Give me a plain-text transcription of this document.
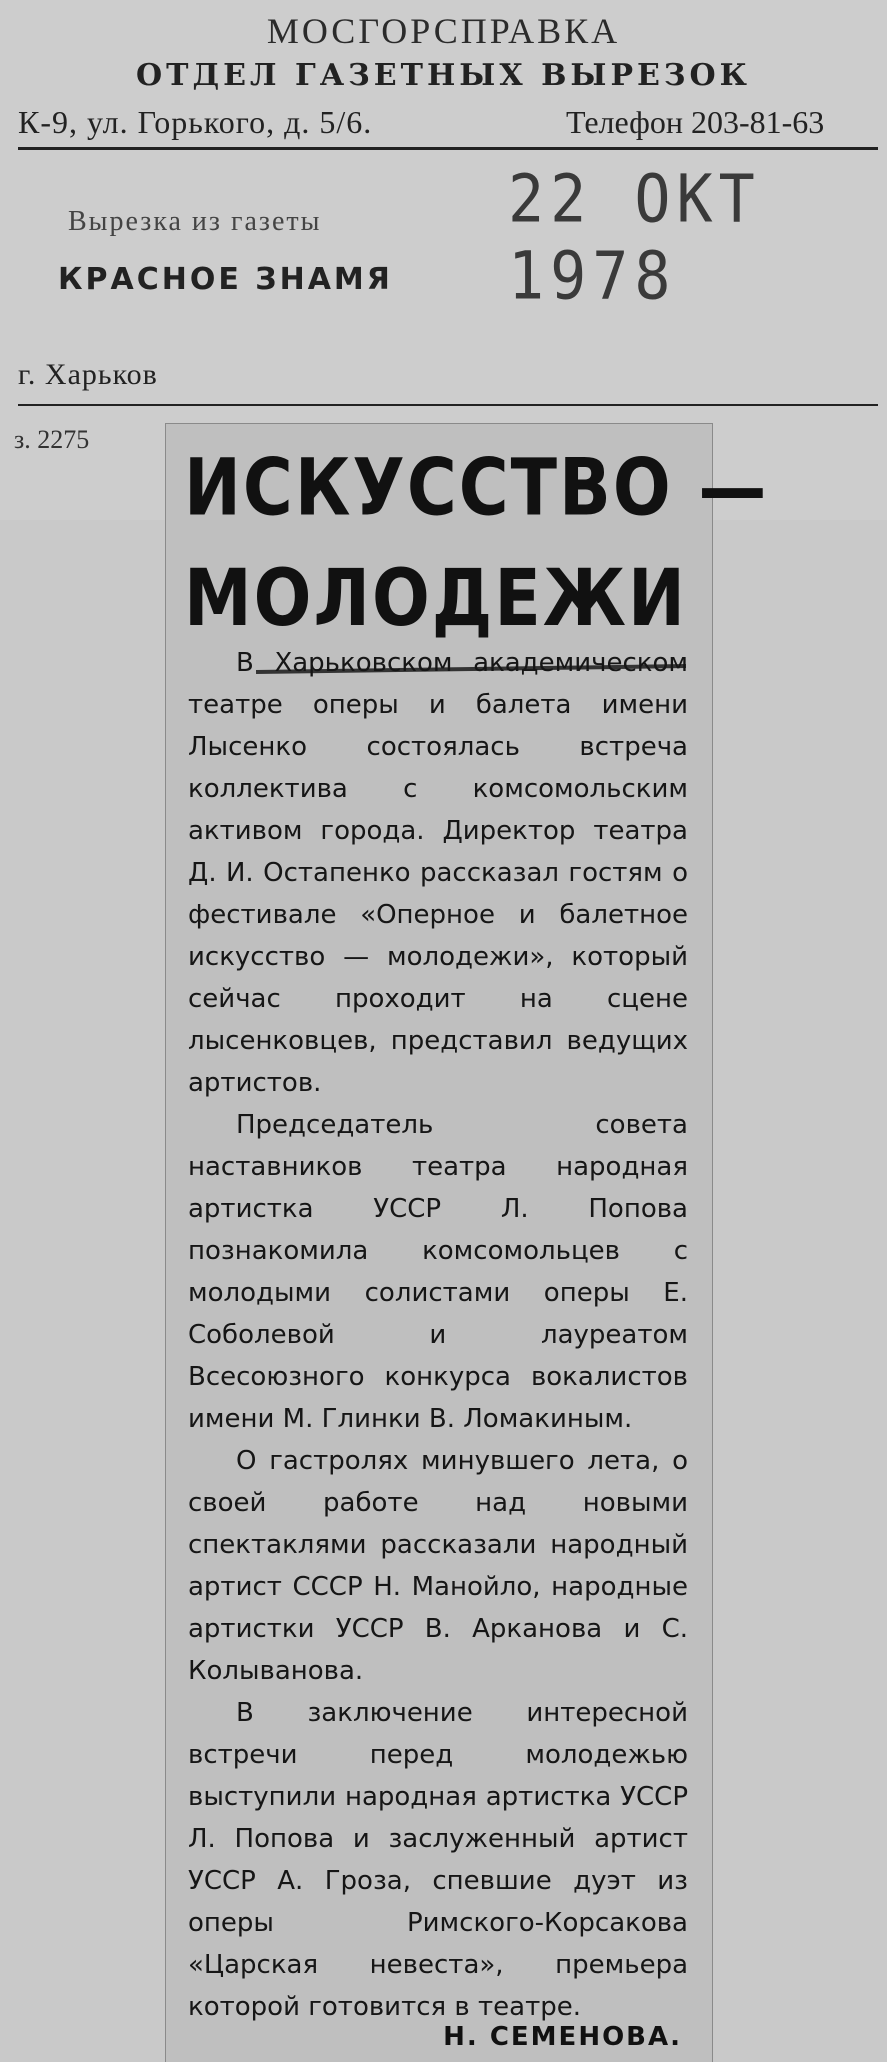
МОСГОРСПРАВКА
ОТДЕЛ ГАЗЕТНЫХ ВЫРЕЗОК
К-9, ул. Горького, д. 5/6.	Телефон 203-81-63
22 ОКТ 1978
Вырезка из газеты
КРАСНОЕ ЗНАМЯ
г. Харьков
з. 2275
ИСКУССТВО —
МОЛОДЕЖИ

В Харьковском академическом театре оперы и балета имени Лысенко состоялась встреча коллектива с комсомольским активом города. Директор театра Д. И. Остапенко рассказал гостям о фестивале «Оперное и балетное искусство — молодежи», который сейчас проходит на сцене лысенковцев, представил ведущих артистов.

Председатель совета наставников театра народная артистка УССР Л. Попова познакомила комсомольцев с молодыми солистами оперы Е. Соболевой и лауреатом Всесоюзного конкурса вокалистов имени М. Глинки В. Ломакиным.

О гастролях минувшего лета, о своей работе над новыми спектаклями рассказали народный артист СССР Н. Манойло, народные артистки УССР В. Арканова и С. Колыванова.

В заключение интересной встречи перед молодежью выступили народная артистка УССР Л. Попова и заслуженный артист УССР А. Гроза, спевшие дуэт из оперы Римского-Корсакова «Царская невеста», премьера которой готовится в театре.

Н. СЕМЕНОВА.
